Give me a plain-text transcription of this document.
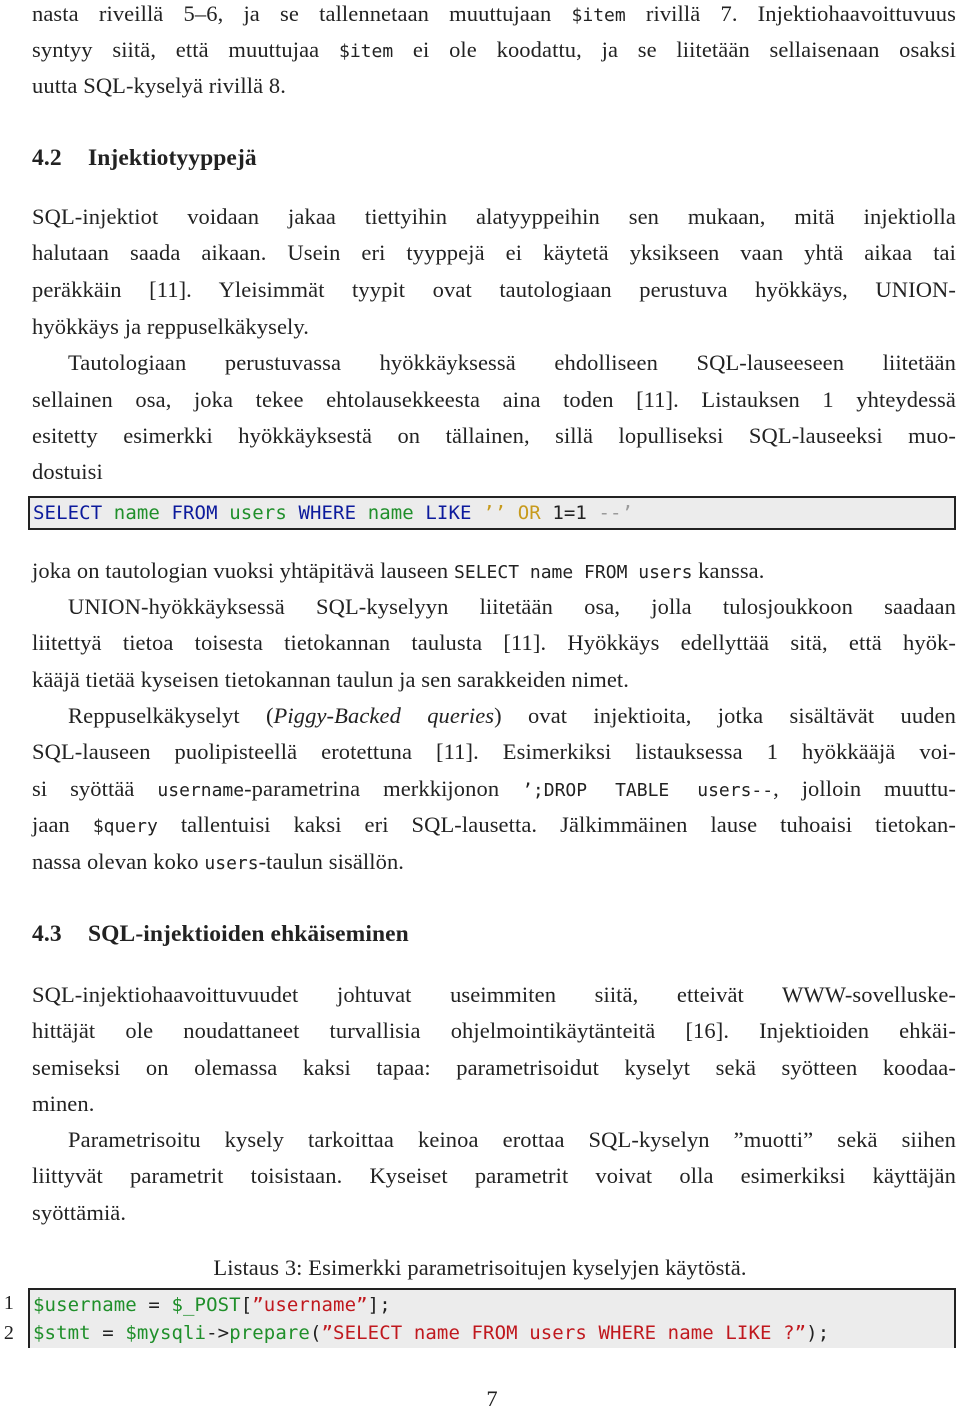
nasta riveillä 5–6, ja se tallennetaan muuttujaan $item rivillä 7. Injektiohaavoittuvuus
syntyy siitä, että muuttujaa $item ei ole koodattu, ja se liitetään sellaisenaan osaksi
uutta SQL-kyselyä rivillä 8.
4.2 Injektiotyyppejä
SQL-injektiot voidaan jakaa tiettyihin alatyyppeihin sen mukaan, mitä injektiolla
halutaan saada aikaan. Usein eri tyyppejä ei käytetä yksikseen vaan yhtä aikaa tai
peräkkäin [11]. Yleisimmät tyypit ovat tautologiaan perustuva hyökkäys, UNION-
hyökkäys ja reppuselkäkysely.
Tautologiaan perustuvassa hyökkäyksessä ehdolliseen SQL-lauseeseen liitetään
sellainen osa, joka tekee ehtolausekkeesta aina toden [11]. Listauksen 1 yhteydessä
esitetty esimerkki hyökkäyksestä on tällainen, sillä lopulliseksi SQL-lauseeksi muo-
dostuisi
SELECT name FROM users WHERE name LIKE ’’ OR 1=1 --’
joka on tautologian vuoksi yhtäpitävä lauseen SELECT name FROM users kanssa.
UNION-hyökkäyksessä SQL-kyselyyn liitetään osa, jolla tulosjoukkoon saadaan
liitettyä tietoa toisesta tietokannan taulusta [11]. Hyökkäys edellyttää sitä, että hyök-
kääjä tietää kyseisen tietokannan taulun ja sen sarakkeiden nimet.
Reppuselkäkyselyt (Piggy-Backed queries) ovat injektioita, jotka sisältävät uuden
SQL-lauseen puolipisteellä erotettuna [11]. Esimerkiksi listauksessa 1 hyökkääjä voi-
si syöttää username-parametrina merkkijonon ’;DROP TABLE users--, jolloin muuttu-
jaan $query tallentuisi kaksi eri SQL-lausetta. Jälkimmäinen lause tuhoaisi tietokan-
nassa olevan koko users-taulun sisällön.
4.3 SQL-injektioiden ehkäiseminen
SQL-injektiohaavoittuvuudet johtuvat useimmiten siitä, etteivät WWW-sovelluske-
hittäjät ole noudattaneet turvallisia ohjelmointikäytänteitä [16]. Injektioiden ehkäi-
semiseksi on olemassa kaksi tapaa: parametrisoidut kyselyt sekä syötteen koodaa-
minen.
Parametrisoitu kysely tarkoittaa keinoa erottaa SQL-kyselyn ”muotti” sekä siihen
liittyvät parametrit toisistaan. Kyseiset parametrit voivat olla esimerkiksi käyttäjän
syöttämiä.
Listaus 3: Esimerkki parametrisoitujen kyselyjen käytöstä.
1 $username = $_POST[”username”];
2 $stmt = $mysqli->prepare(”SELECT name FROM users WHERE name LIKE ?”);
7
